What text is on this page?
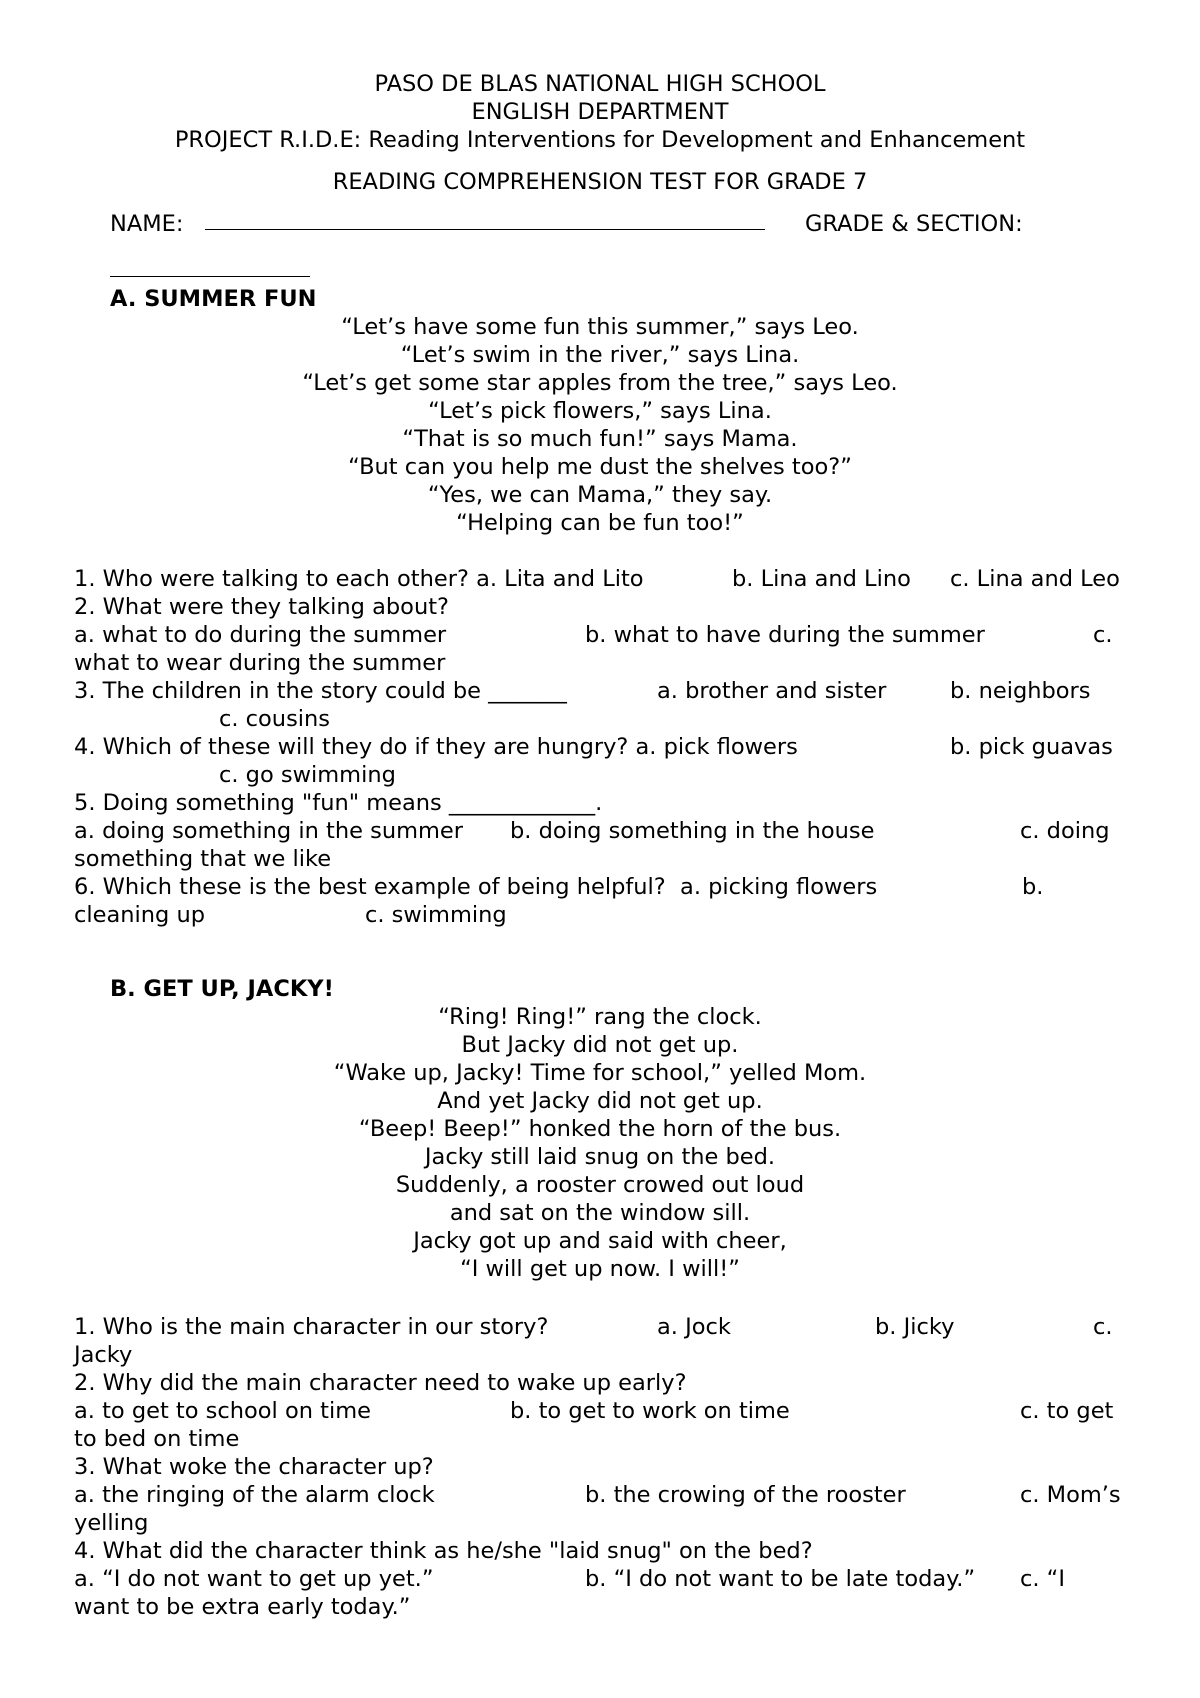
PASO DE BLAS NATIONAL HIGH SCHOOL
ENGLISH DEPARTMENT
PROJECT R.I.D.E: Reading Interventions for Development and Enhancement
READING COMPREHENSION TEST FOR GRADE 7
NAME:	GRADE & SECTION:
A. SUMMER FUN
“Let’s have some fun this summer,” says Leo.
“Let’s swim in the river,” says Lina.
“Let’s get some star apples from the tree,” says Leo.
“Let’s pick flowers,” says Lina.
“That is so much fun!” says Mama.
“But can you help me dust the shelves too?”
“Yes, we can Mama,” they say.
“Helping can be fun too!”
1. Who were talking to each other? a. Lita and Lito	b. Lina and Lino c. Lina and Leo
2. What were they talking about?
a. what to do during the summer	b. what to have during the summer	c.
what to wear during the summer
3. The children in the story could be _______	a. brother and sister	b. neighbors
c. cousins
4. Which of these will they do if they are hungry? a. pick flowers	b. pick guavas
c. go swimming
5. Doing something "fun" means _____________.
a. doing something in the summer b. doing something in the house	c. doing
something that we like
6. Which these is the best example of being helpful?  a. picking flowers	b.
cleaning up	c. swimming
B. GET UP, JACKY!
“Ring! Ring!” rang the clock.
But Jacky did not get up.
“Wake up, Jacky! Time for school,” yelled Mom.
And yet Jacky did not get up.
“Beep! Beep!” honked the horn of the bus.
Jacky still laid snug on the bed.
Suddenly, a rooster crowed out loud
and sat on the window sill.
Jacky got up and said with cheer,
“I will get up now. I will!”
1. Who is the main character in our story?	a. Jock	b. Jicky	c.
Jacky
2. Why did the main character need to wake up early?
a. to get to school on time	b. to get to work on time	c. to get
to bed on time
3. What woke the character up?
a. the ringing of the alarm clock	b. the crowing of the rooster	c. Mom’s
yelling
4. What did the character think as he/she "laid snug" on the bed?
a. “I do not want to get up yet.”	b. “I do not want to be late today.” c. “I
want to be extra early today.”
